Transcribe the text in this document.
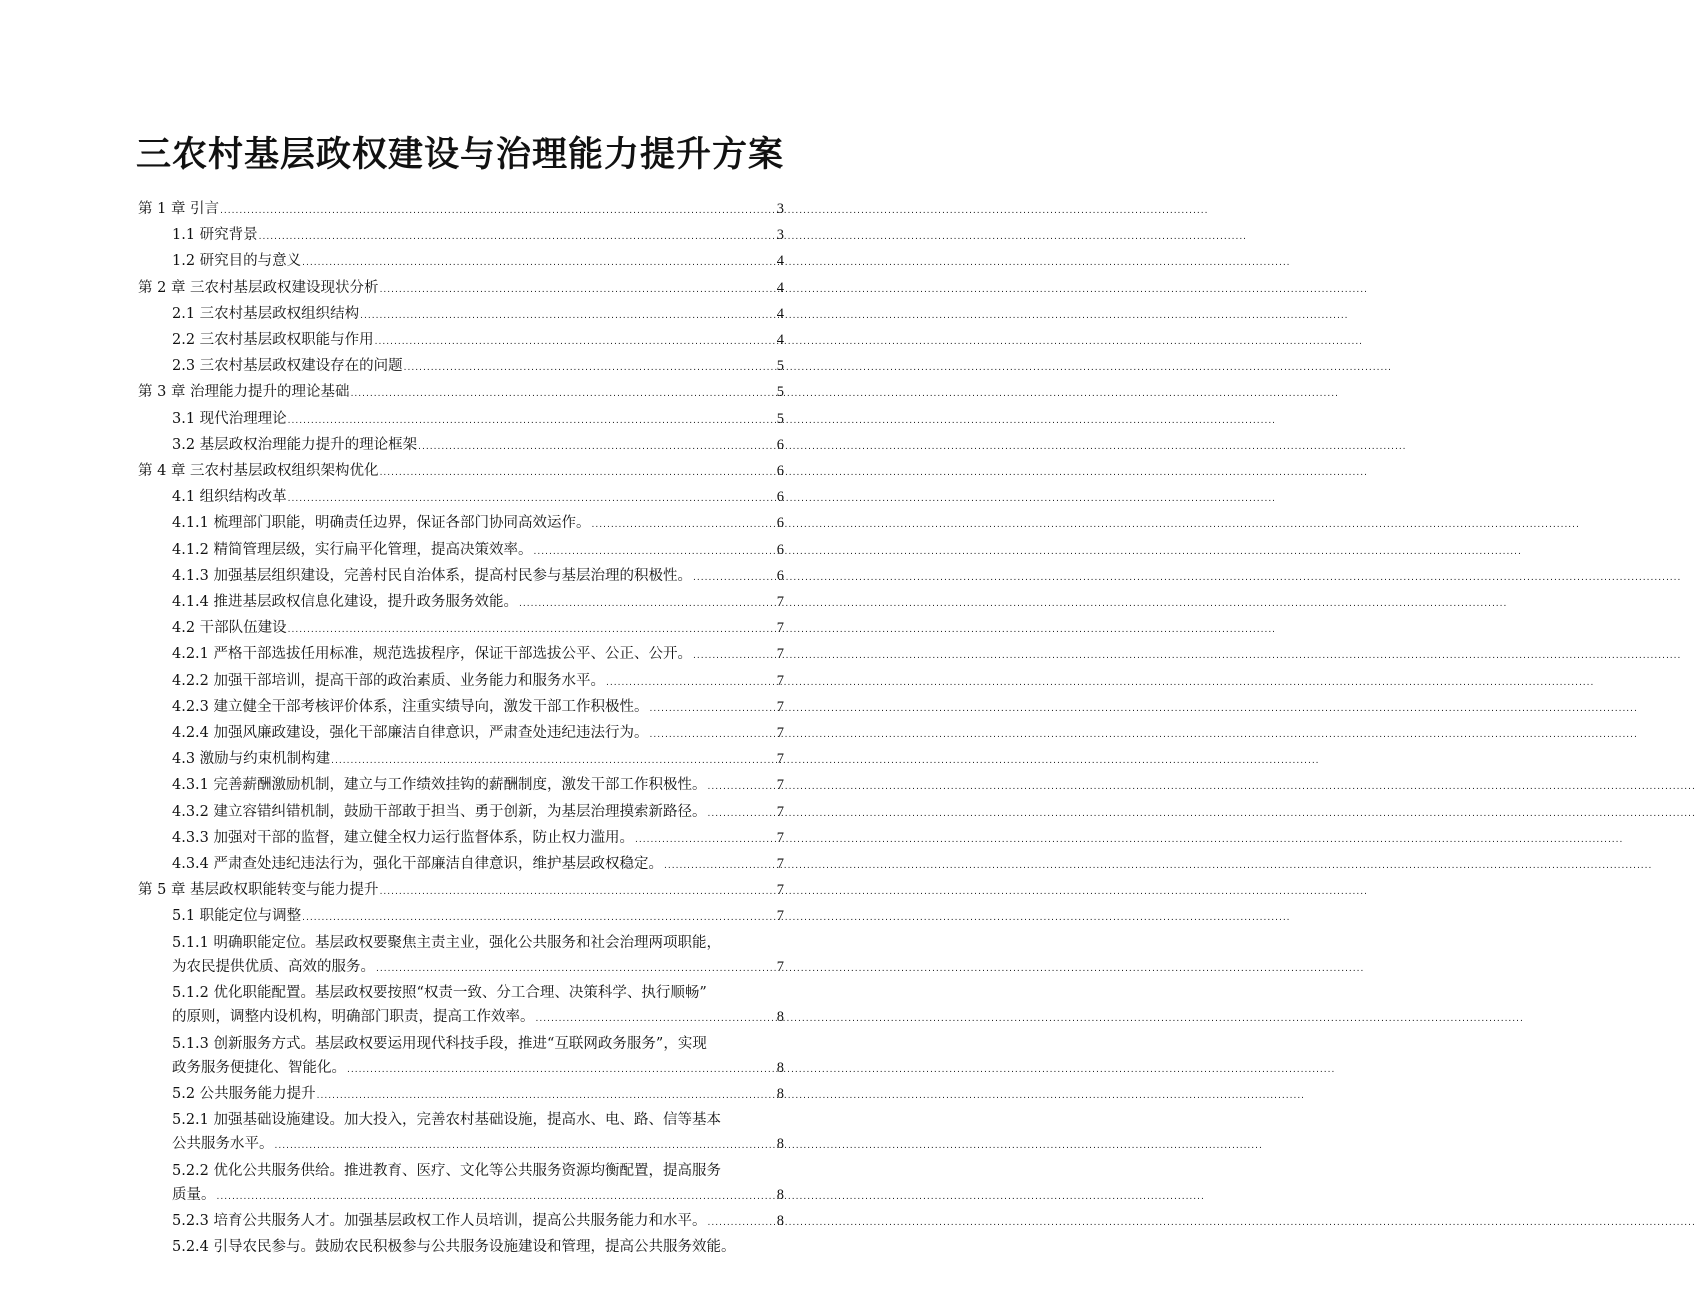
三农村基层政权建设与治理能力提升方案
第 1 章 引言 .....	3
1.1 研究背景 .....	3
1.2 研究目的与意义 .....	4
第 2 章 三农村基层政权建设现状分析 .....	4
2.1 三农村基层政权组织结构 .....	4
2.2 三农村基层政权职能与作用 .....	4
2.3 三农村基层政权建设存在的问题 .....	5
第 3 章 治理能力提升的理论基础 .....	5
3.1 现代治理理论 .....	5
3.2 基层政权治理能力提升的理论框架 .....	6
第 4 章 三农村基层政权组织架构优化 .....	6
4.1 组织结构改革 .....	6
4.1.1 梳理部门职能，明确责任边界，保证各部门协同高效运作。 .....	6
4.1.2 精简管理层级，实行扁平化管理，提高决策效率。 .....	6
4.1.3 加强基层组织建设，完善村民自治体系，提高村民参与基层治理的积极性。 .....	6
4.1.4 推进基层政权信息化建设，提升政务服务效能。 .....	7
4.2 干部队伍建设 .....	7
4.2.1 严格干部选拔任用标准，规范选拔程序，保证干部选拔公平、公正、公开。 .....	7
4.2.2 加强干部培训，提高干部的政治素质、业务能力和服务水平。 .....	7
4.2.3 建立健全干部考核评价体系，注重实绩导向，激发干部工作积极性。 .....	7
4.2.4 加强风廉政建设，强化干部廉洁自律意识，严肃查处违纪违法行为。 .....	7
4.3 激励与约束机制构建 .....	7
4.3.1 完善薪酬激励机制，建立与工作绩效挂钩的薪酬制度，激发干部工作积极性。 .....	7
4.3.2 建立容错纠错机制，鼓励干部敢于担当、勇于创新，为基层治理摸索新路径。 .....	7
4.3.3 加强对干部的监督，建立健全权力运行监督体系，防止权力滥用。 .....	7
4.3.4 严肃查处违纪违法行为，强化干部廉洁自律意识，维护基层政权稳定。 .....	7
第 5 章 基层政权职能转变与能力提升 .....	7
5.1 职能定位与调整 .....	7
5.1.1 明确职能定位。基层政权要聚焦主责主业，强化公共服务和社会治理两项职能，
为农民提供优质、高效的服务。 .....	7
5.1.2 优化职能配置。基层政权要按照“权责一致、分工合理、决策科学、执行顺畅”
的原则，调整内设机构，明确部门职责，提高工作效率。 .....	8
5.1.3 创新服务方式。基层政权要运用现代科技手段，推进“互联网政务服务”，实现
政务服务便捷化、智能化。 .....	8
5.2 公共服务能力提升 .....	8
5.2.1 加强基础设施建设。加大投入，完善农村基础设施，提高水、电、路、信等基本
公共服务水平。 .....	8
5.2.2 优化公共服务供给。推进教育、医疗、文化等公共服务资源均衡配置，提高服务
质量。 .....	8
5.2.3 培育公共服务人才。加强基层政权工作人员培训，提高公共服务能力和水平。 .....	8
5.2.4 引导农民参与。鼓励农民积极参与公共服务设施建设和管理，提高公共服务效能。
